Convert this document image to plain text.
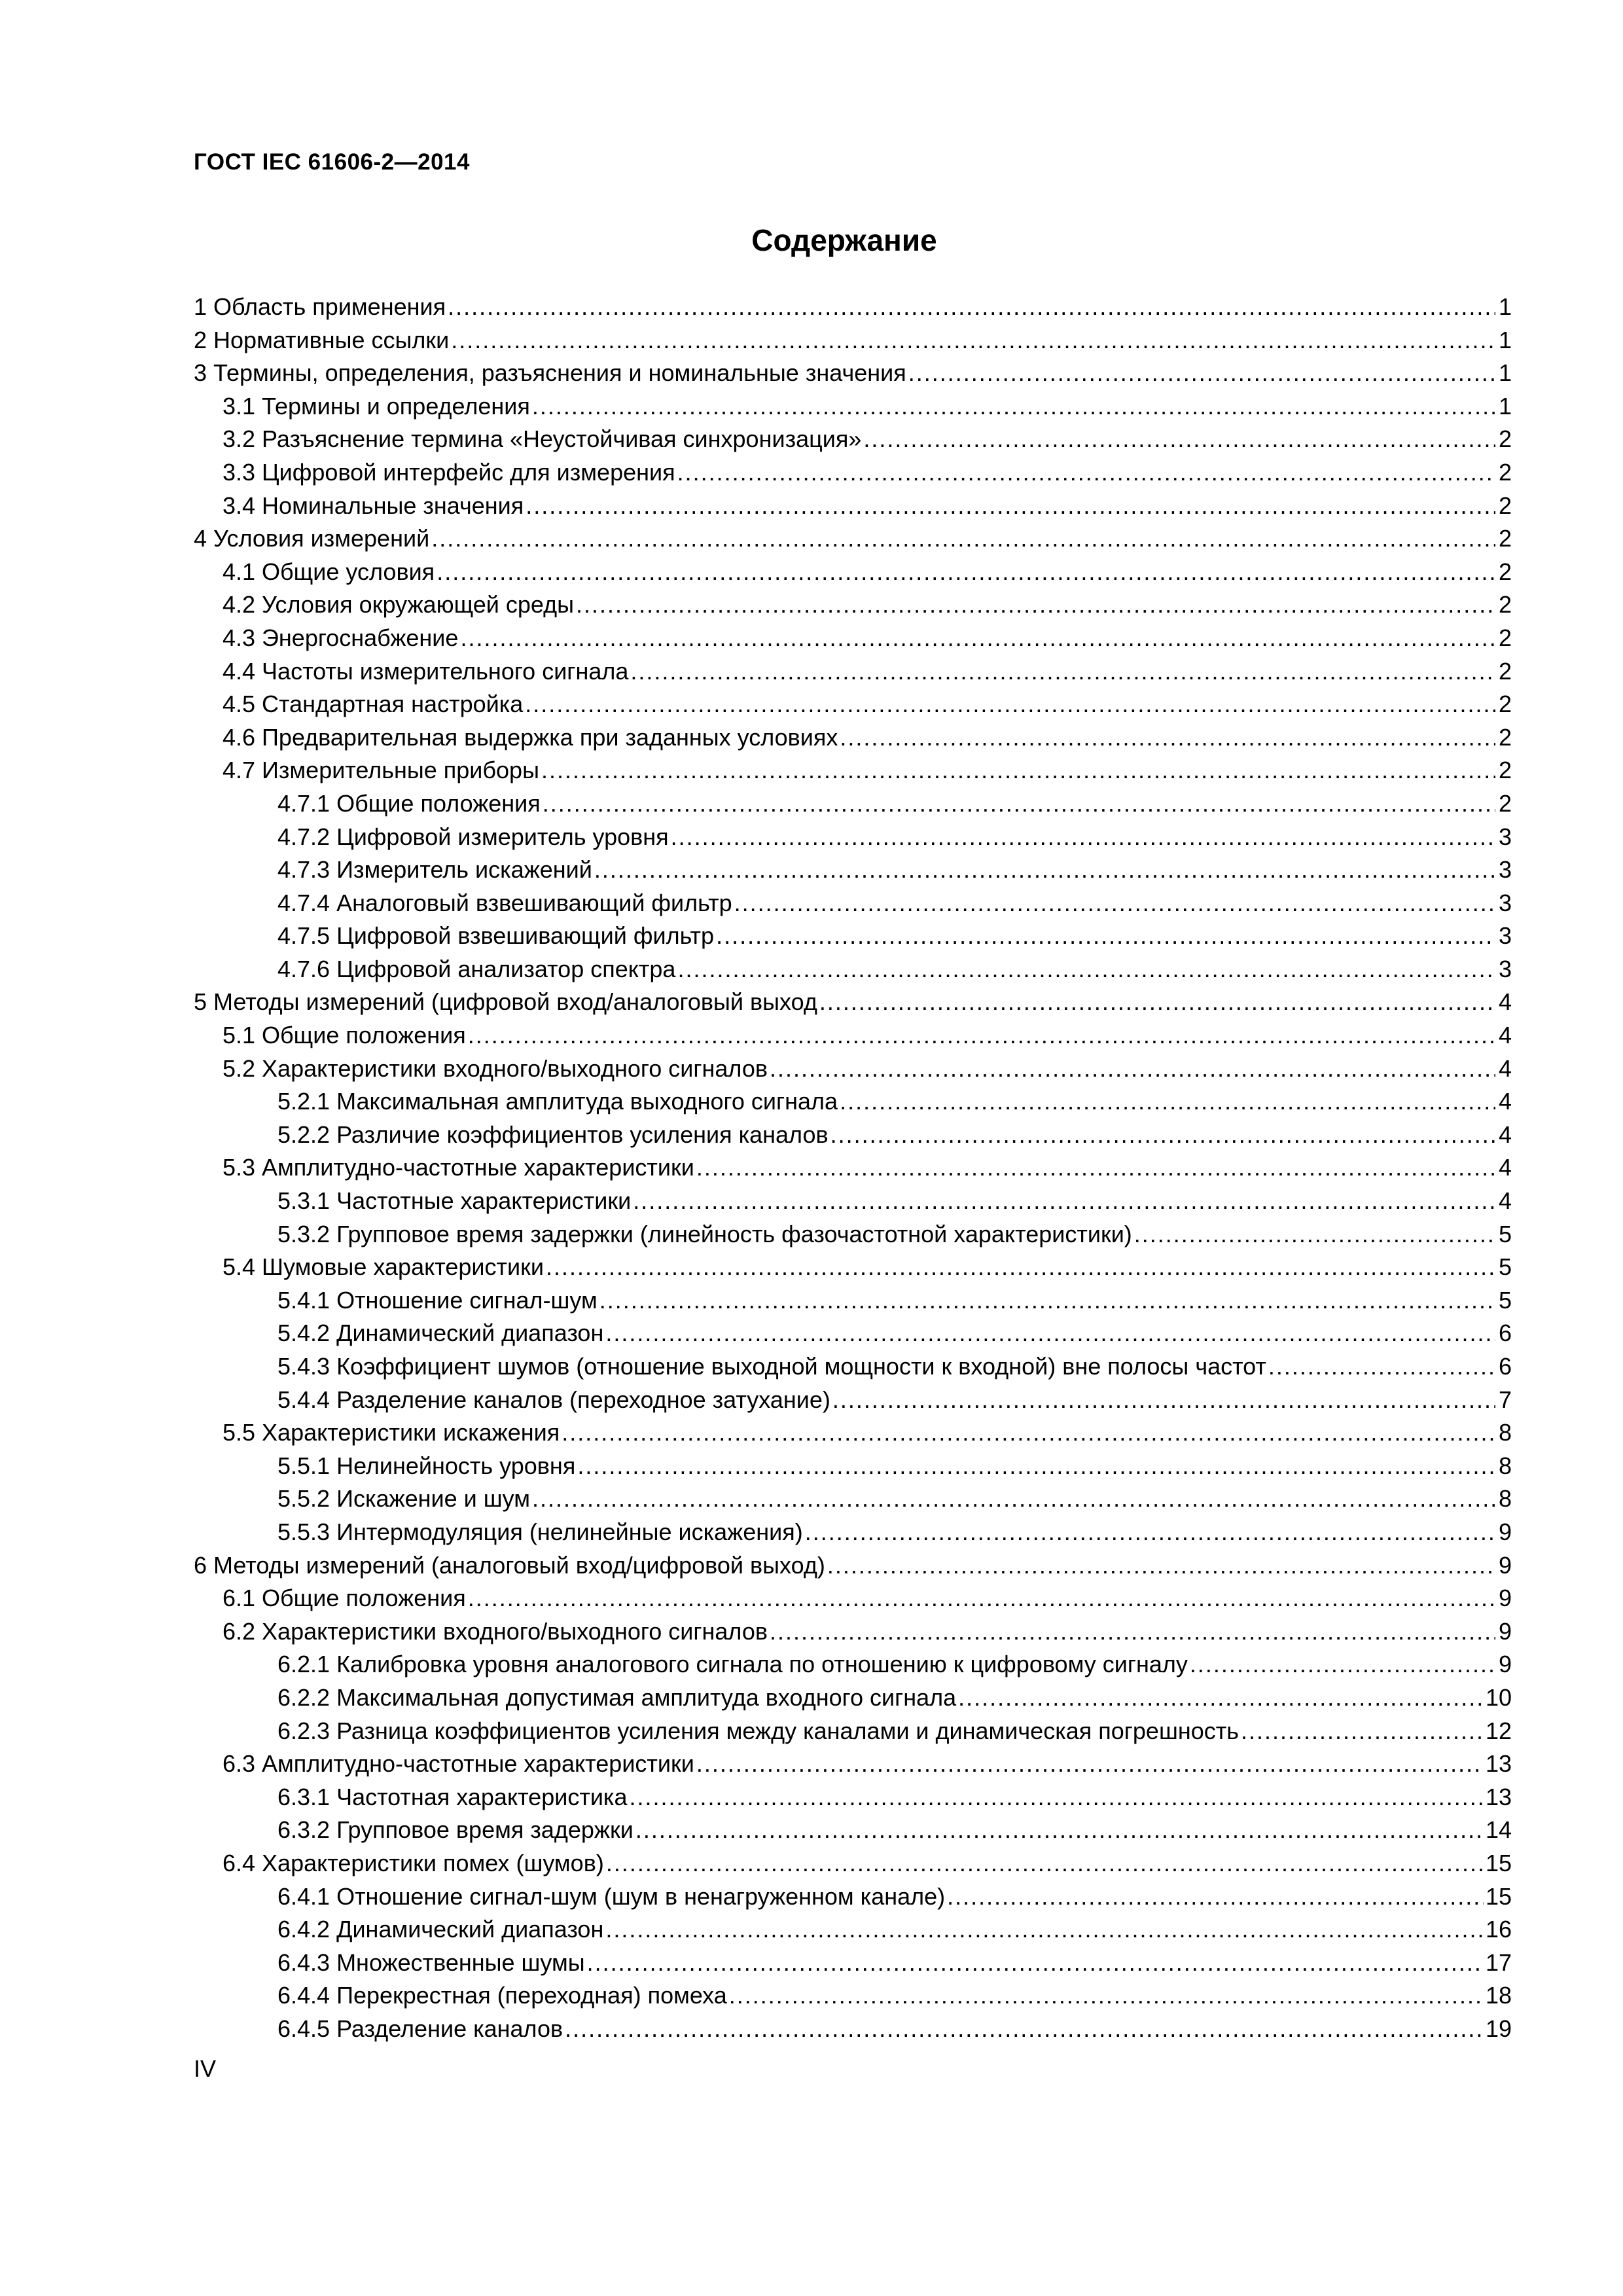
ГОСТ IEC 61606-2—2014
Содержание
1 Область применения .....	1
2 Нормативные ссылки .....	1
3 Термины, определения, разъяснения и номинальные значения .....	1
3.1 Термины и определения .....	1
3.2 Разъяснение термина «Неустойчивая синхронизация» .....	2
3.3 Цифровой интерфейс для измерения .....	2
3.4 Номинальные значения .....	2
4 Условия измерений .....	2
4.1 Общие условия .....	2
4.2 Условия окружающей среды .....	2
4.3 Энергоснабжение .....	2
4.4 Частоты измерительного сигнала .....	2
4.5 Стандартная настройка .....	2
4.6 Предварительная выдержка при заданных условиях .....	2
4.7 Измерительные приборы .....	2
4.7.1 Общие положения .....	2
4.7.2 Цифровой измеритель уровня .....	3
4.7.3 Измеритель искажений .....	3
4.7.4 Аналоговый взвешивающий фильтр .....	3
4.7.5 Цифровой взвешивающий фильтр .....	3
4.7.6 Цифровой анализатор спектра .....	3
5 Методы измерений (цифровой вход/аналоговый выход .....	4
5.1 Общие положения .....	4
5.2 Характеристики входного/выходного сигналов .....	4
5.2.1 Максимальная амплитуда выходного сигнала .....	4
5.2.2 Различие коэффициентов усиления каналов .....	4
5.3 Амплитудно-частотные характеристики .....	4
5.3.1 Частотные характеристики .....	4
5.3.2 Групповое время задержки (линейность фазочастотной характеристики) .....	5
5.4 Шумовые характеристики .....	5
5.4.1 Отношение сигнал-шум .....	5
5.4.2 Динамический диапазон .....	6
5.4.3 Коэффициент шумов (отношение выходной мощности к входной) вне полосы частот .....	6
5.4.4 Разделение каналов (переходное затухание) .....	7
5.5 Характеристики искажения .....	8
5.5.1 Нелинейность уровня .....	8
5.5.2 Искажение и шум .....	8
5.5.3 Интермодуляция (нелинейные искажения) .....	9
6 Методы измерений (аналоговый вход/цифровой выход) .....	9
6.1 Общие положения .....	9
6.2 Характеристики входного/выходного сигналов .....	9
6.2.1 Калибровка уровня аналогового сигнала по отношению к цифровому сигналу .....	9
6.2.2 Максимальная допустимая амплитуда входного сигнала .....	10
6.2.3 Разница коэффициентов усиления между каналами и динамическая погрешность .....	12
6.3 Амплитудно-частотные характеристики .....	13
6.3.1 Частотная характеристика .....	13
6.3.2 Групповое время задержки .....	14
6.4 Характеристики помех (шумов) .....	15
6.4.1 Отношение сигнал-шум (шум в ненагруженном канале) .....	15
6.4.2 Динамический диапазон .....	16
6.4.3 Множественные шумы .....	17
6.4.4 Перекрестная (переходная) помеха .....	18
6.4.5 Разделение каналов .....	19
IV
